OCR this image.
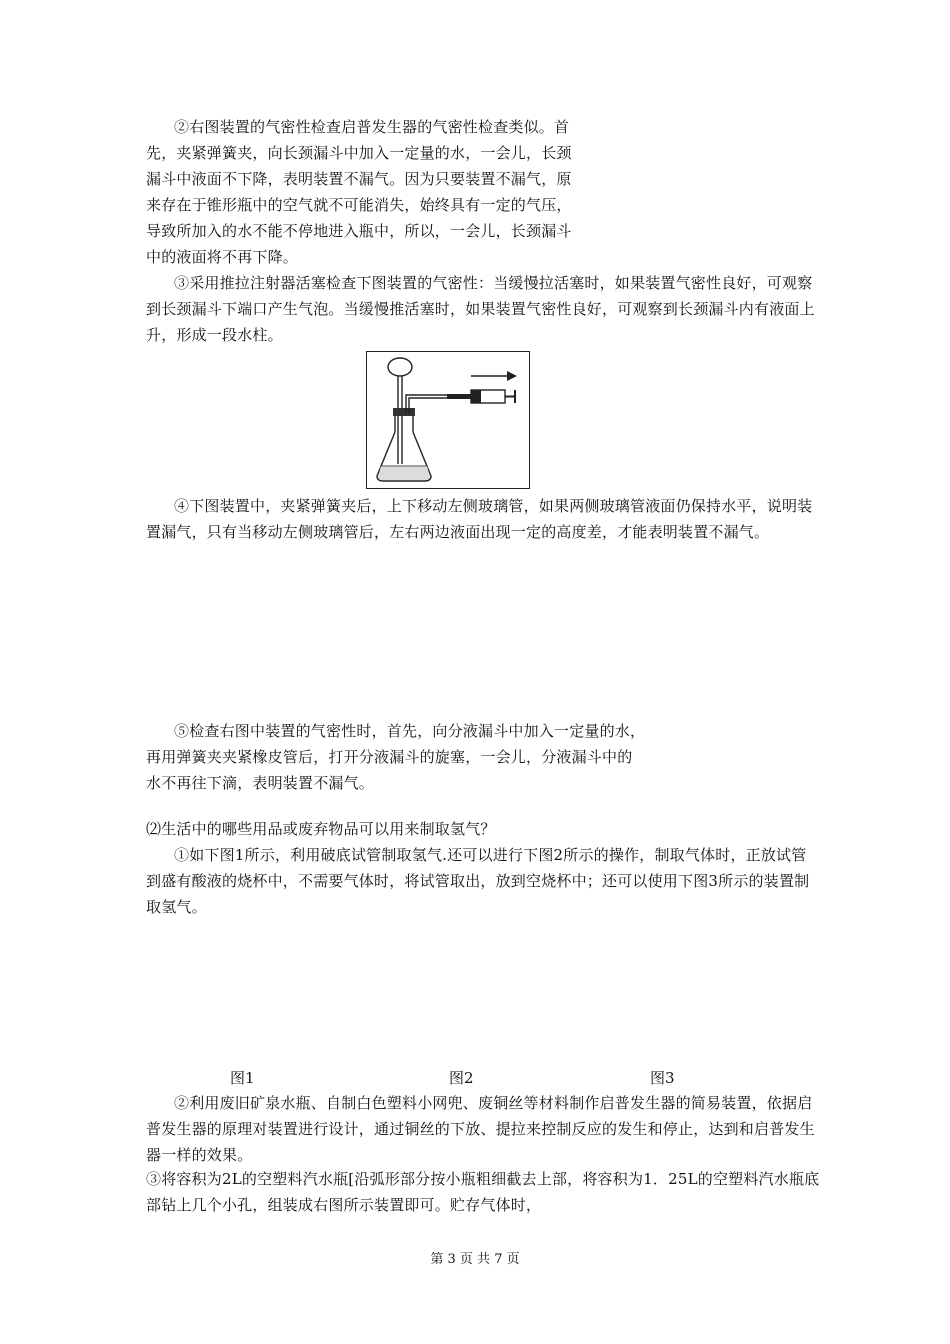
②右图装置的气密性检查启普发生器的气密性检查类似。首
先，夹紧弹簧夹，向长颈漏斗中加入一定量的水，一会儿，长颈
漏斗中液面不下降，表明装置不漏气。因为只要装置不漏气，原
来存在于锥形瓶中的空气就不可能消失，始终具有一定的气压，
导致所加入的水不能不停地进入瓶中，所以，一会儿，长颈漏斗
中的液面将不再下降。
③采用推拉注射器活塞检查下图装置的气密性：当缓慢拉活塞时，如果装置气密性良好，可观察
到长颈漏斗下端口产生气泡。当缓慢推活塞时，如果装置气密性良好，可观察到长颈漏斗内有液面上
升，形成一段水柱。
④下图装置中，夹紧弹簧夹后，上下移动左侧玻璃管，如果两侧玻璃管液面仍保持水平，说明装
置漏气，只有当移动左侧玻璃管后，左右两边液面出现一定的高度差，才能表明装置不漏气。
⑤检查右图中装置的气密性时，首先，向分液漏斗中加入一定量的水，
再用弹簧夹夹紧橡皮管后，打开分液漏斗的旋塞，一会儿，分液漏斗中的
水不再往下滴，表明装置不漏气。
⑵生活中的哪些用品或废弃物品可以用来制取氢气？
①如下图1所示，利用破底试管制取氢气.还可以进行下图2所示的操作，制取气体时，正放试管
到盛有酸液的烧杯中，不需要气体时，将试管取出，放到空烧杯中；还可以使用下图3所示的装置制
取氢气。
图1	图2	图3
②利用废旧矿泉水瓶、自制白色塑料小网兜、废铜丝等材料制作启普发生器的简易装置，依据启
普发生器的原理对装置进行设计，通过铜丝的下放、提拉来控制反应的发生和停止，达到和启普发生
器一样的效果。
③将容积为2L的空塑料汽水瓶[沿弧形部分按小瓶粗细截去上部，将容积为1．25L的空塑料汽水瓶底
部钻上几个小孔，组装成右图所示装置即可。贮存气体时，
第 3 页 共 7 页
